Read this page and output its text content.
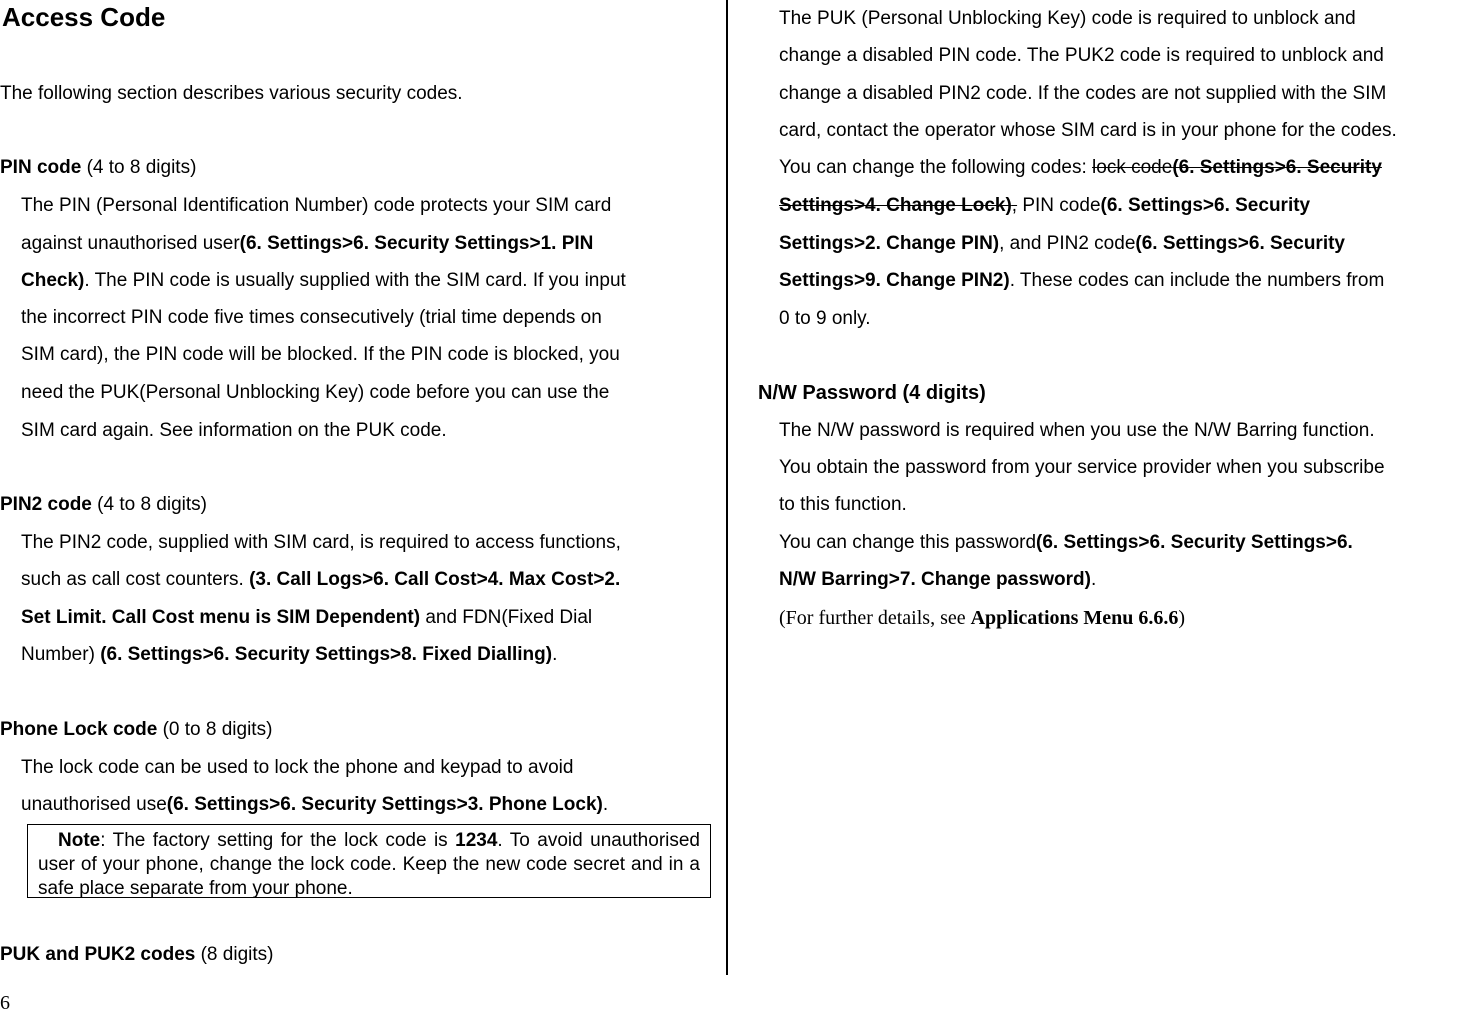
Access Code
The following section describes various security codes.
PIN code (4 to 8 digits)
The PIN (Personal Identification Number) code protects your SIM card
against unauthorised user(6. Settings>6. Security Settings>1. PIN
Check). The PIN code is usually supplied with the SIM card. If you input
the incorrect PIN code five times consecutively (trial time depends on
SIM card), the PIN code will be blocked. If the PIN code is blocked, you
need the PUK(Personal Unblocking Key) code before you can use the
SIM card again. See information on the PUK code.
PIN2 code (4 to 8 digits)
The PIN2 code, supplied with SIM card, is required to access functions,
such as call cost counters. (3. Call Logs>6. Call Cost>4. Max Cost>2.
Set Limit. Call Cost menu is SIM Dependent) and FDN(Fixed Dial
Number) (6. Settings>6. Security Settings>8. Fixed Dialling).
Phone Lock code (0 to 8 digits)
The lock code can be used to lock the phone and keypad to avoid
unauthorised use(6. Settings>6. Security Settings>3. Phone Lock).
Note: The factory setting for the lock code is 1234. To avoid unauthorised user of your phone, change the lock code. Keep the new code secret and in a safe place separate from your phone.
PUK and PUK2 codes (8 digits)
The PUK (Personal Unblocking Key) code is required to unblock and
change a disabled PIN code. The PUK2 code is required to unblock and
change a disabled PIN2 code. If the codes are not supplied with the SIM
card, contact the operator whose SIM card is in your phone for the codes.
You can change the following codes: lock code(6. Settings>6. Security
Settings>4. Change Lock), PIN code(6. Settings>6. Security
Settings>2. Change PIN), and PIN2 code(6. Settings>6. Security
Settings>9. Change PIN2). These codes can include the numbers from
0 to 9 only.
N/W Password (4 digits)
The N/W password is required when you use the N/W Barring function.
You obtain the password from your service provider when you subscribe
to this function.
You can change this password(6. Settings>6. Security Settings>6.
N/W Barring>7. Change password).
(For further details, see Applications Menu 6.6.6)
6
